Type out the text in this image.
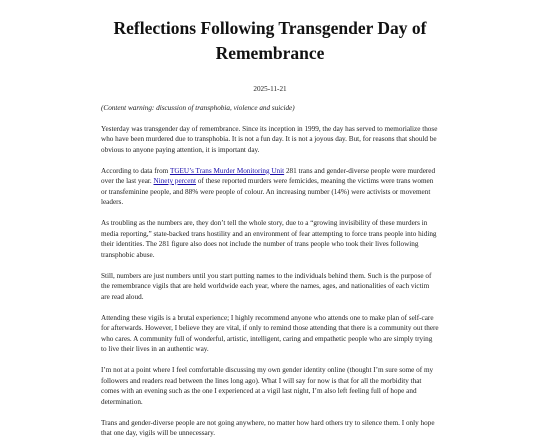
Reflections Following Transgender Day of Remembrance
2025-11-21

(Content warning: discussion of transphobia, violence and suicide)

Yesterday was transgender day of remembrance. Since its inception in 1999, the day has served to memorialize those who have been murdered due to transphobia. It is not a fun day. It is not a joyous day. But, for reasons that should be obvious to anyone paying attention, it is important day.

According to data from TGEU’s Trans Murder Monitoring Unit 281 trans and gender-diverse people were murdered over the last year. Ninety percent of these reported murders were femicides, meaning the victims were trans women or transfeminine people, and 88% were people of colour. An increasing number (14%) were activists or movement leaders.

As troubling as the numbers are, they don’t tell the whole story, due to a “growing invisibility of these murders in media reporting,” state-backed trans hostility and an environment of fear attempting to force trans people into hiding their identities. The 281 figure also does not include the number of trans people who took their lives following transphobic abuse.

Still, numbers are just numbers until you start putting names to the individuals behind them. Such is the purpose of the remembrance vigils that are held worldwide each year, where the names, ages, and nationalities of each victim are read aloud.

Attending these vigils is a brutal experience; I highly recommend anyone who attends one to make plan of self-care for afterwards. However, I believe they are vital, if only to remind those attending that there is a community out there who cares. A community full of wonderful, artistic, intelligent, caring and empathetic people who are simply trying to live their lives in an authentic way.

I’m not at a point where I feel comfortable discussing my own gender identity online (thought I’m sure some of my followers and readers read between the lines long ago). What I will say for now is that for all the morbidity that comes with an evening such as the one I experienced at a vigil last night, I’m also left feeling full of hope and determination.

Trans and gender-diverse people are not going anywhere, no matter how hard others try to silence them. I only hope that one day, vigils will be unnecessary.
